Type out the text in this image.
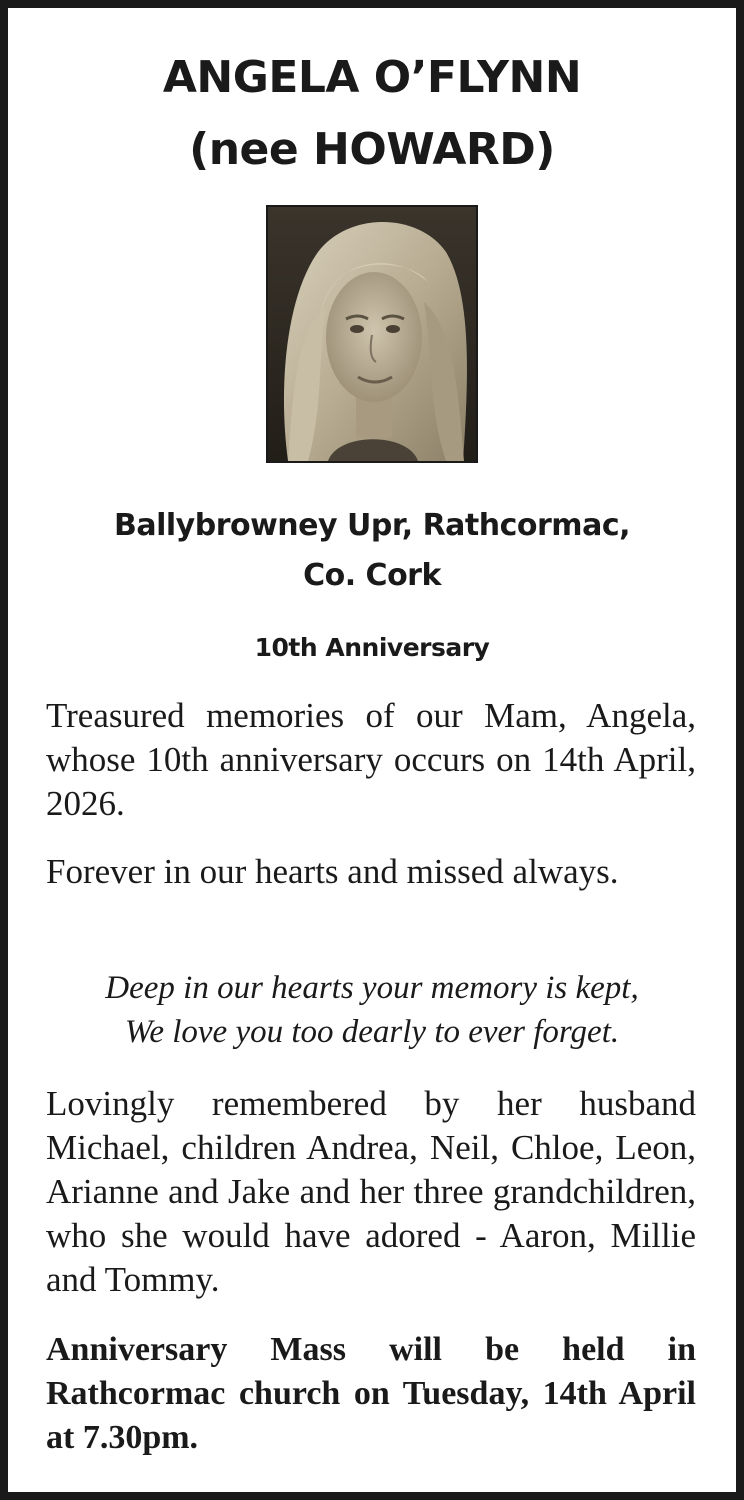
ANGELA O’FLYNN
(nee HOWARD)
Ballybrowney Upr, Rathcormac,
Co. Cork
10th Anniversary
Treasured memories of our Mam, Angela, whose 10th anniversary occurs on 14th April, 2026.
Forever in our hearts and missed always.
Deep in our hearts your memory is kept,
We love you too dearly to ever forget.
Lovingly remembered by her husband Michael, children Andrea, Neil, Chloe, Leon, Arianne and Jake and her three grandchildren, who she would have adored - Aaron, Millie and Tommy.
Anniversary Mass will be held in Rathcormac church on Tuesday, 14th April at 7.30pm.
